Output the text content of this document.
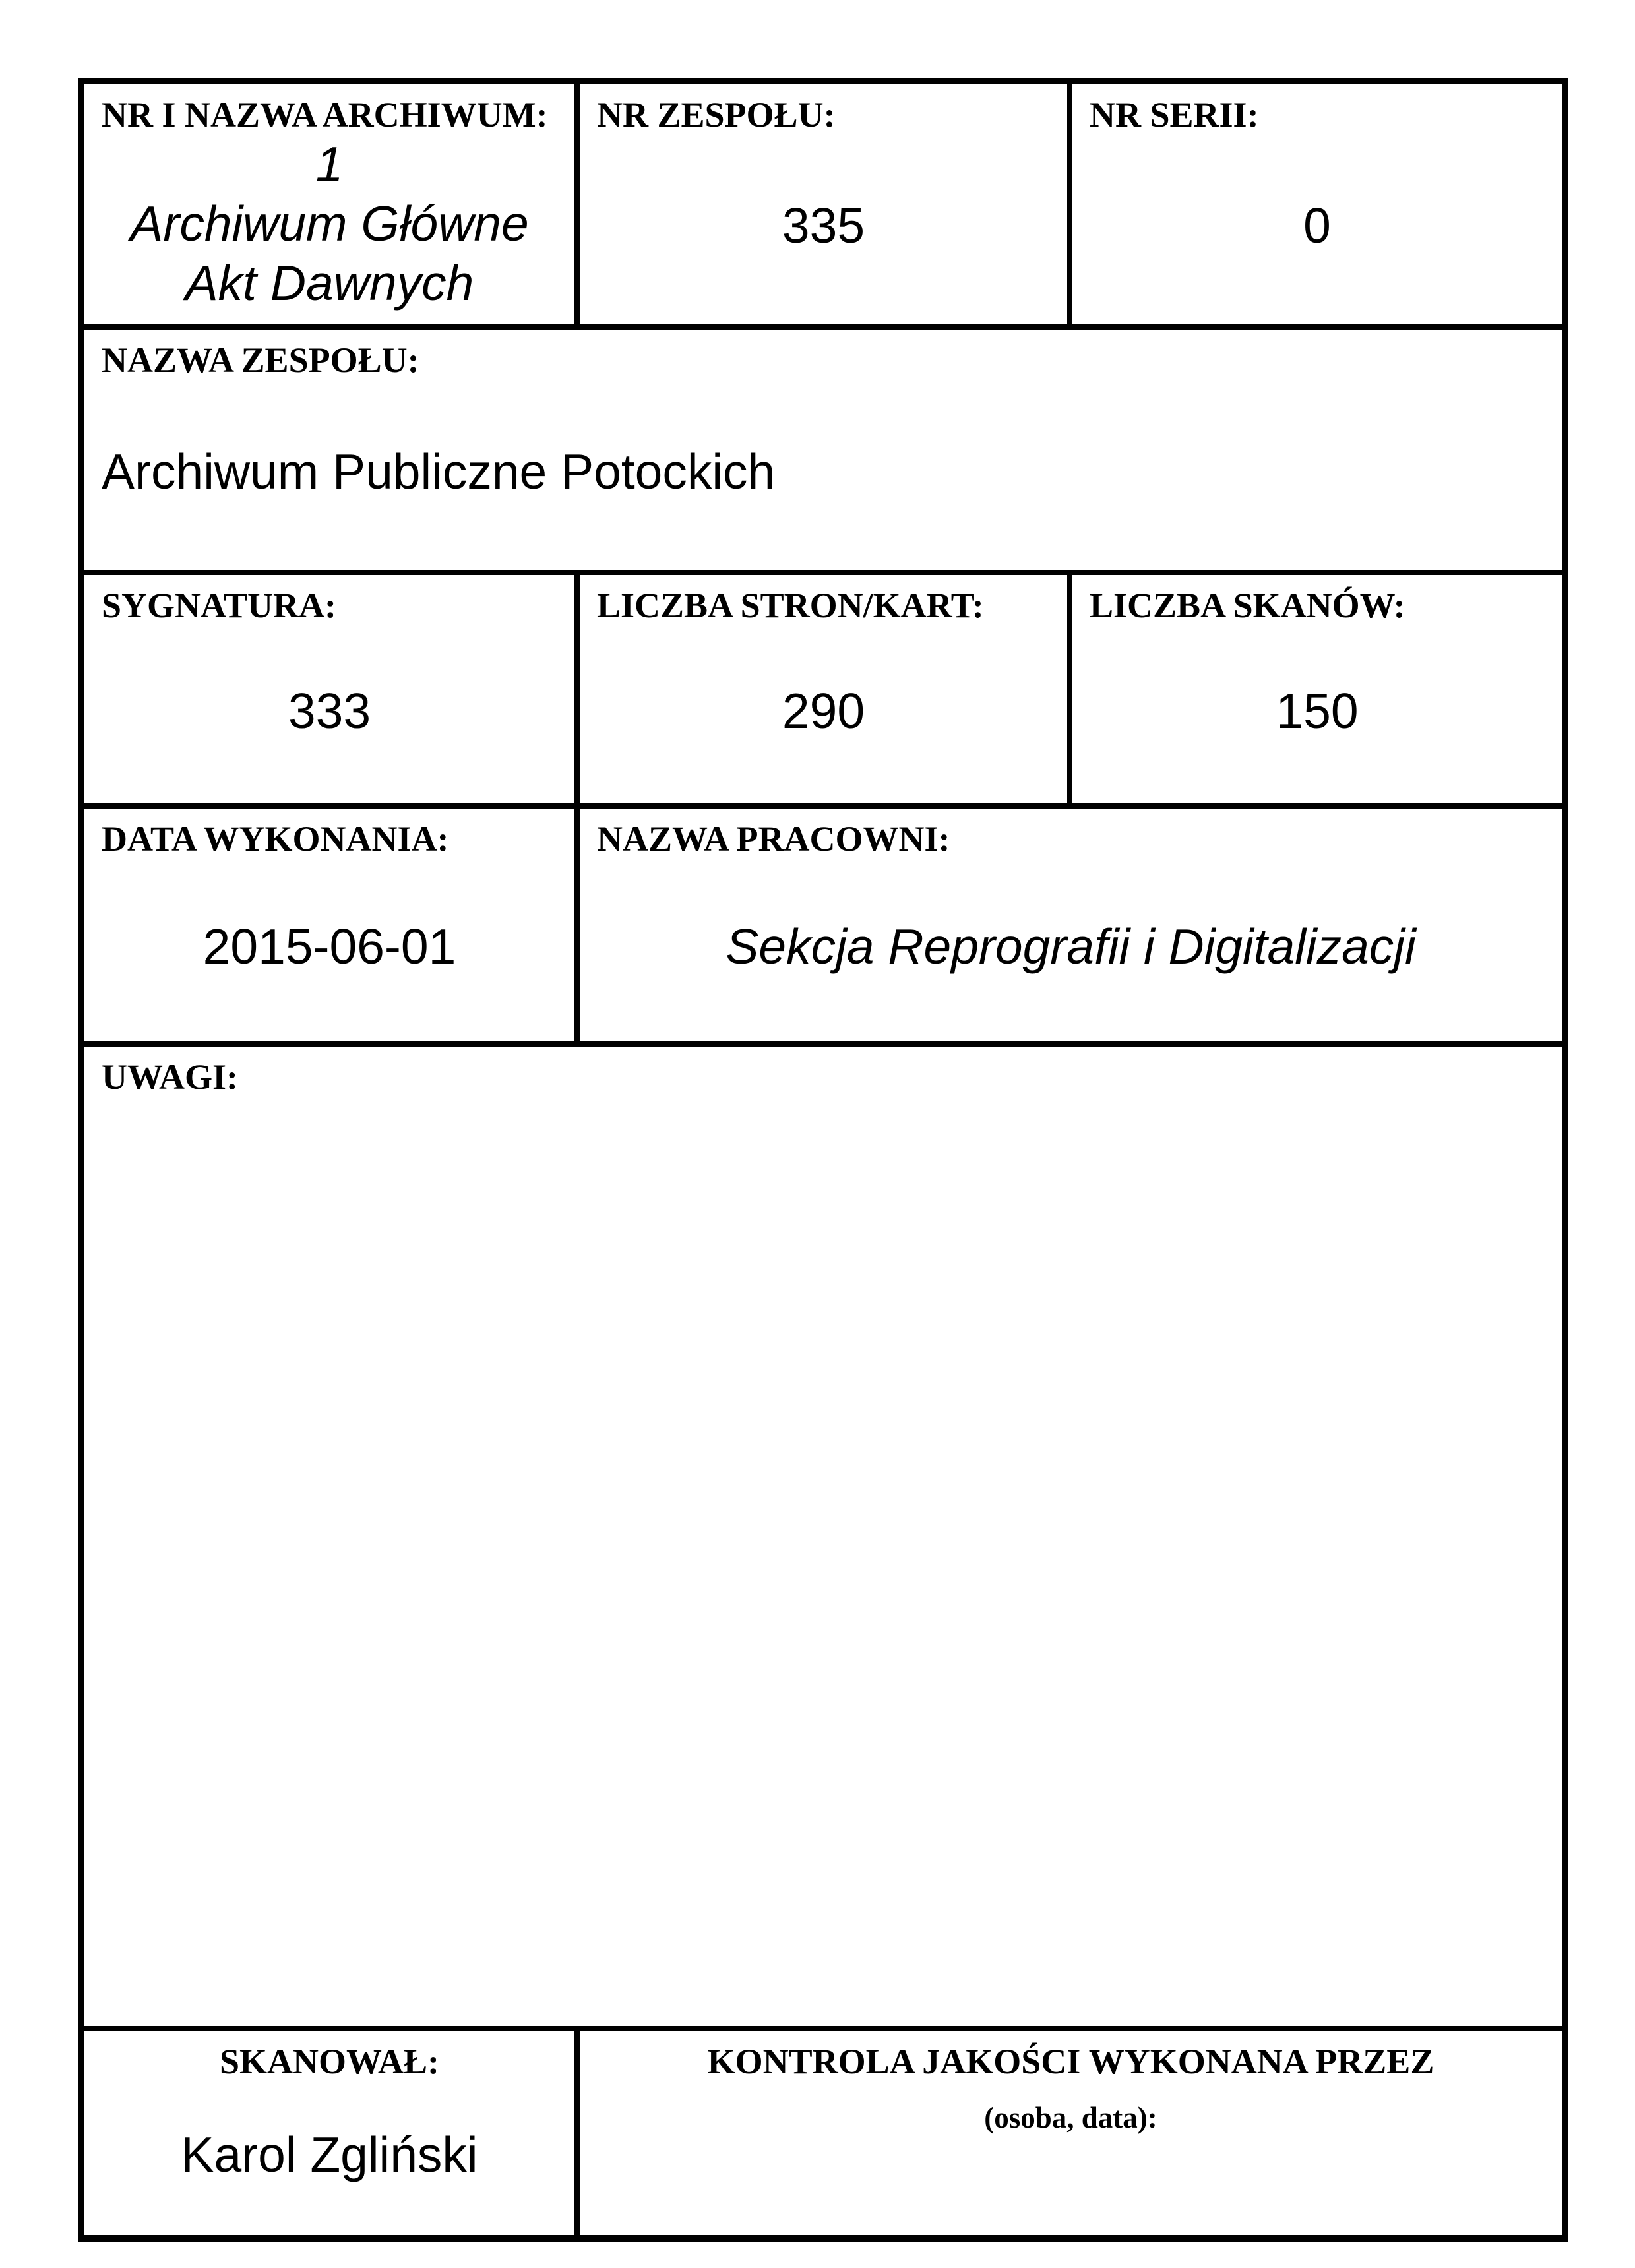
NR I NAZWA ARCHIWUM:
1
Archiwum Główne
Akt Dawnych

NR ZESPOŁU:
335

NR SERII:
0

NAZWA ZESPOŁU:
Archiwum Publiczne Potockich		

SYGNATURA:
333

LICZBA STRON/KART:
290

LICZBA SKANÓW:
150

DATA WYKONANIA:
2015-06-01

NAZWA PRACOWNI:
Sekcja Reprografii i Digitalizacji

UWAGI:		

SKANOWAŁ:
Karol Zgliński

KONTROLA JAKOŚCI WYKONANA PRZEZ
(osoba, data):
